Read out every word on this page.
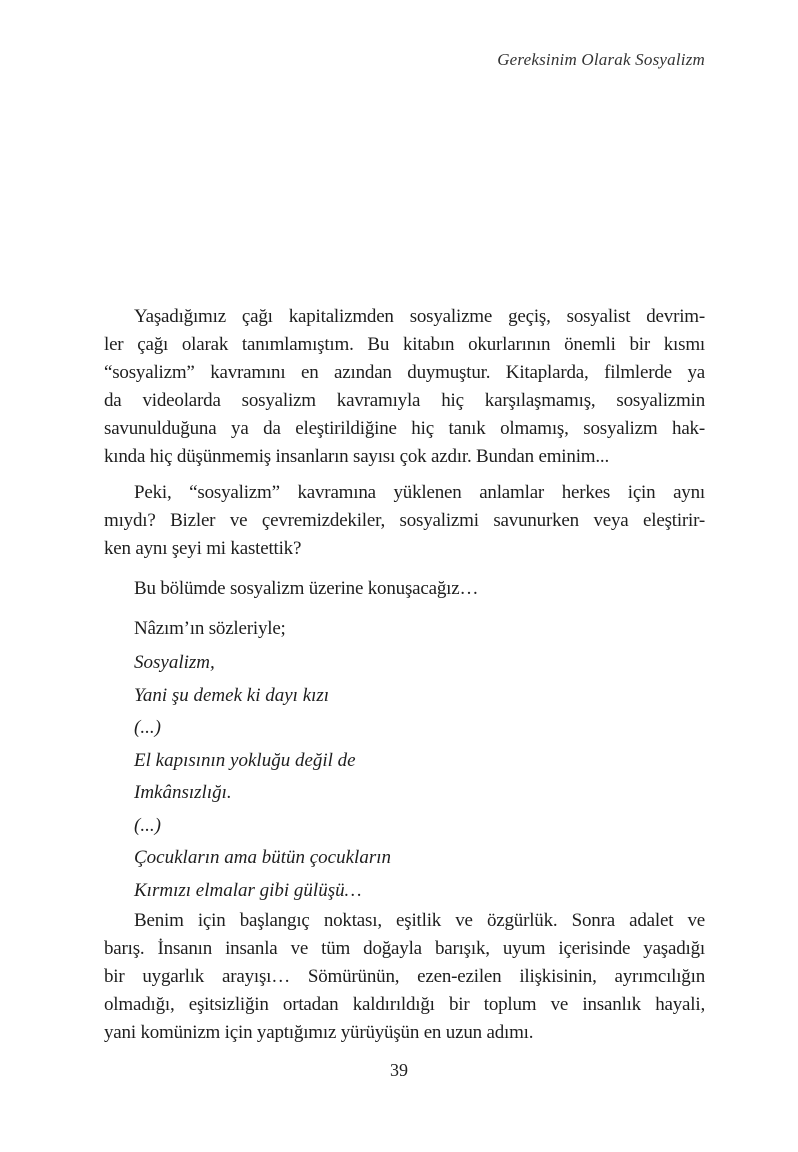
Gereksinim Olarak Sosyalizm
Yaşadığımız çağı kapitalizmden sosyalizme geçiş, sosyalist devrim-
ler çağı olarak tanımlamıştım. Bu kitabın okurlarının önemli bir kısmı
“sosyalizm” kavramını en azından duymuştur. Kitaplarda, filmlerde ya
da videolarda sosyalizm kavramıyla hiç karşılaşmamış, sosyalizmin
savunulduğuna ya da eleştirildiğine hiç tanık olmamış, sosyalizm hak-
kında hiç düşünmemiş insanların sayısı çok azdır. Bundan eminim...
Peki, “sosyalizm” kavramına yüklenen anlamlar herkes için aynı
mıydı? Bizler ve çevremizdekiler, sosyalizmi savunurken veya eleştirir-
ken aynı şeyi mi kastettik?
Bu bölümde sosyalizm üzerine konuşacağız…
Nâzım’ın sözleriyle;
Sosyalizm,
Yani şu demek ki dayı kızı
(...)
El kapısının yokluğu değil de
Imkânsızlığı.
(...)
Çocukların ama bütün çocukların
Kırmızı elmalar gibi gülüşü…
Benim için başlangıç noktası, eşitlik ve özgürlük. Sonra adalet ve
barış. İnsanın insanla ve tüm doğayla barışık, uyum içerisinde yaşadığı
bir uygarlık arayışı… Sömürünün, ezen-ezilen ilişkisinin, ayrımcılığın
olmadığı, eşitsizliğin ortadan kaldırıldığı bir toplum ve insanlık hayali,
yani komünizm için yaptığımız yürüyüşün en uzun adımı.
39
